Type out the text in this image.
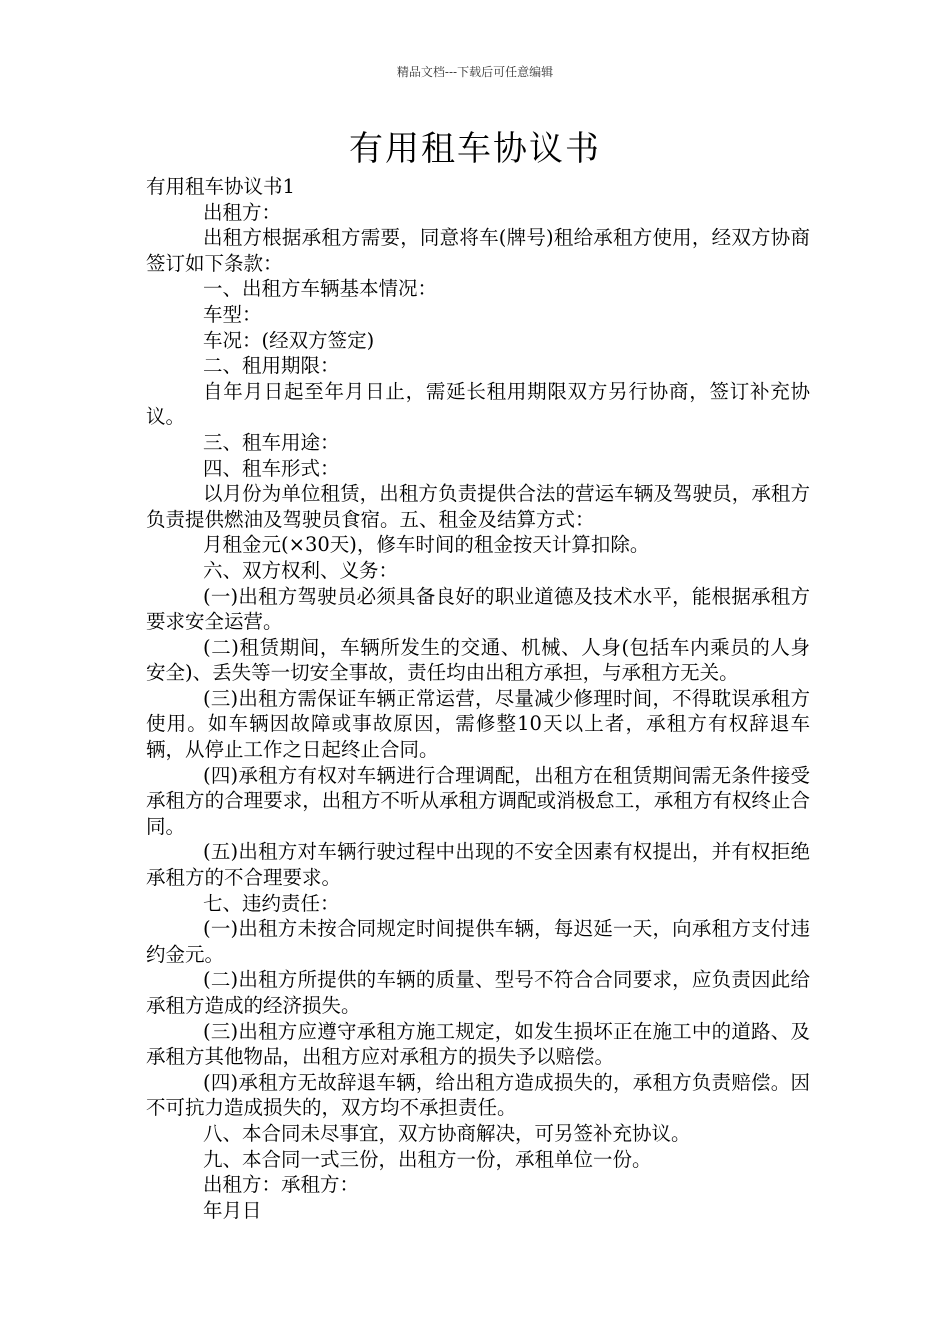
精品文档---下载后可任意编辑
有用租车协议书

有用租车协议书1

出租方：

出租方根据承租方需要，同意将车(牌号)租给承租方使用，经双方协商签订如下条款：

一、出租方车辆基本情况：

车型：

车况：(经双方签定)

二、租用期限：

自年月日起至年月日止，需延长租用期限双方另行协商，签订补充协议。

三、租车用途：

四、租车形式：

以月份为单位租赁，出租方负责提供合法的营运车辆及驾驶员，承租方负责提供燃油及驾驶员食宿。五、租金及结算方式：

月租金元(×30天)，修车时间的租金按天计算扣除。

六、双方权利、义务：

(一)出租方驾驶员必须具备良好的职业道德及技术水平，能根据承租方要求安全运营。

(二)租赁期间，车辆所发生的交通、机械、人身(包括车内乘员的人身安全)、丢失等一切安全事故，责任均由出租方承担，与承租方无关。

(三)出租方需保证车辆正常运营，尽量减少修理时间，不得耽误承租方使用。如车辆因故障或事故原因，需修整10天以上者，承租方有权辞退车辆，从停止工作之日起终止合同。

(四)承租方有权对车辆进行合理调配，出租方在租赁期间需无条件接受承租方的合理要求，出租方不听从承租方调配或消极怠工，承租方有权终止合同。

(五)出租方对车辆行驶过程中出现的不安全因素有权提出，并有权拒绝承租方的不合理要求。

七、违约责任：

(一)出租方未按合同规定时间提供车辆，每迟延一天，向承租方支付违约金元。

(二)出租方所提供的车辆的质量、型号不符合合同要求，应负责因此给承租方造成的经济损失。

(三)出租方应遵守承租方施工规定，如发生损坏正在施工中的道路、及承租方其他物品，出租方应对承租方的损失予以赔偿。

(四)承租方无故辞退车辆，给出租方造成损失的，承租方负责赔偿。因不可抗力造成损失的，双方均不承担责任。

八、本合同未尽事宜，双方协商解决，可另签补充协议。

九、本合同一式三份，出租方一份，承租单位一份。

出租方：承租方：

年月日
